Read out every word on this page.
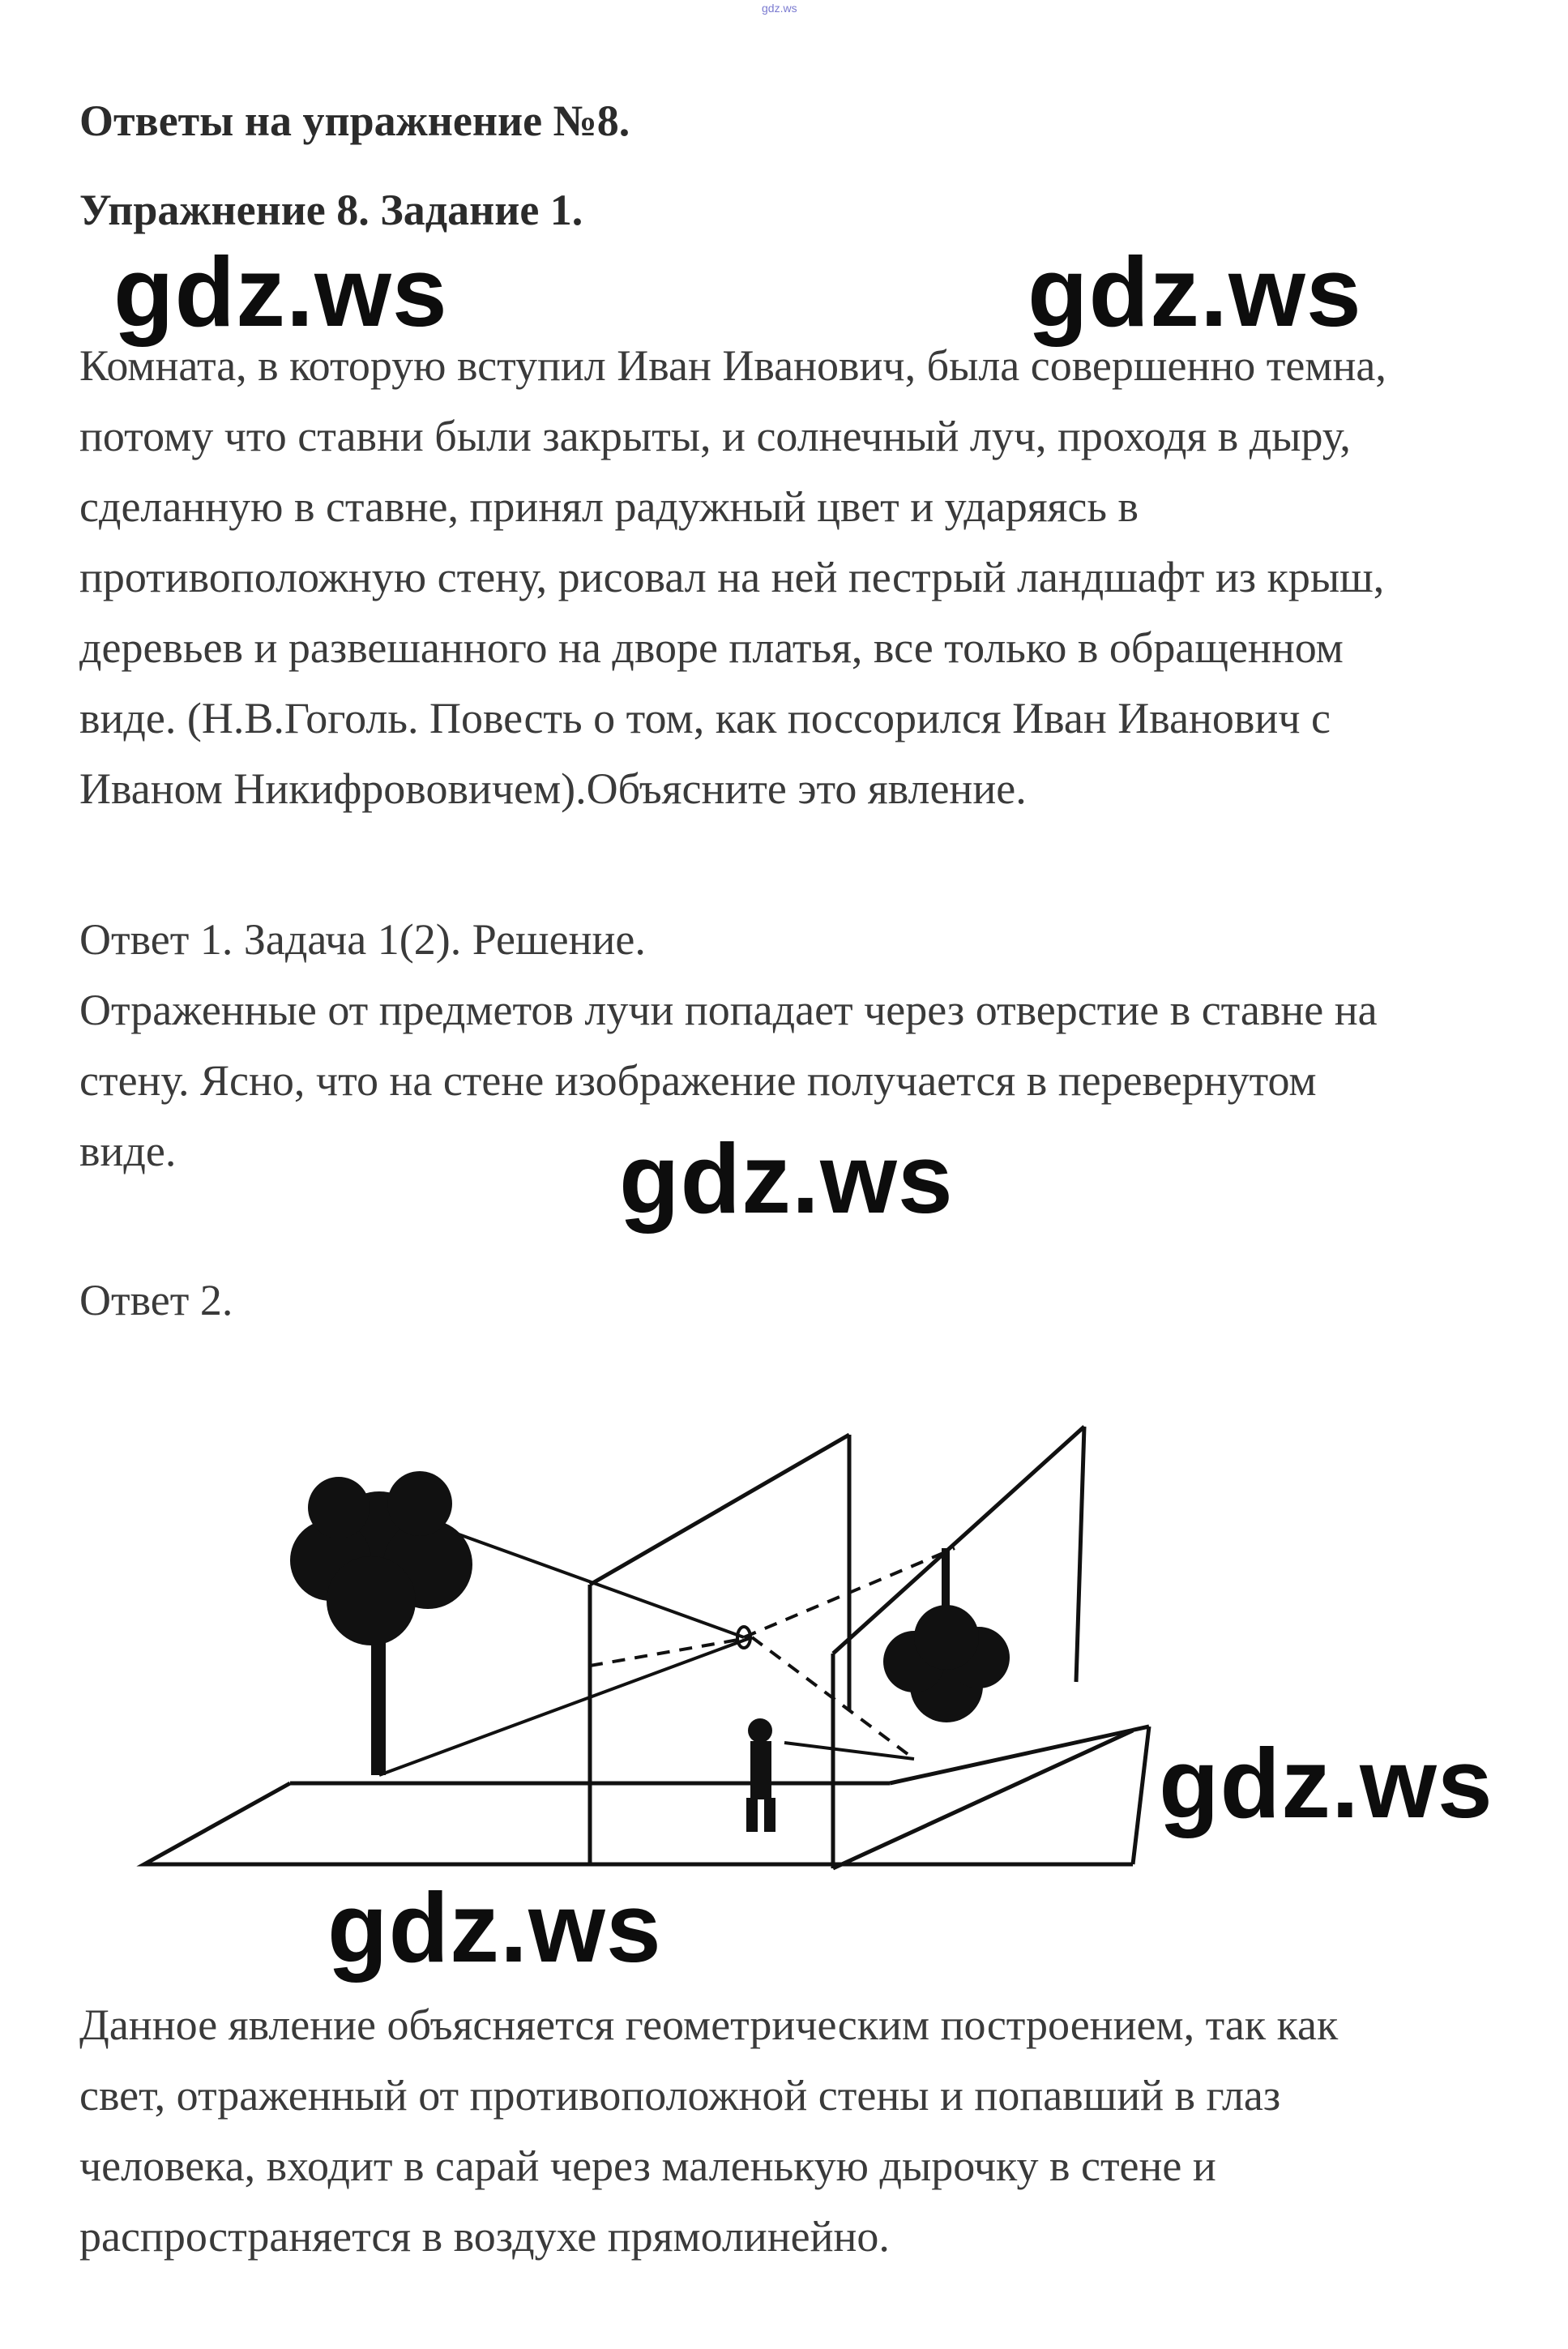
gdz.ws
Ответы на упражнение №8.
Упражнение 8. Задание 1.
gdz.ws	gdz.ws
Комната, в которую вступил Иван Иванович, была совершенно темна,
потому что ставни были закрыты, и солнечный луч, проходя в дыру,
сделанную в ставне, принял радужный цвет и ударяясь в
противоположную стену, рисовал на ней пестрый ландшафт из крыш,
деревьев и развешанного на дворе платья, все только в обращенном
виде. (Н.В.Гоголь. Повесть о том, как поссорился Иван Иванович с
Иваном Никифрововичем).Объясните это явление.
Ответ 1. Задача 1(2). Решение.
Отраженные от предметов лучи попадает через отверстие в ставне на
стену. Ясно, что на стене изображение получается в перевернутом
виде.	gdz.ws
Ответ 2.
gdz.ws
gdz.ws
Данное явление объясняется геометрическим построением, так как
свет, отраженный от противоположной стены и попавший в глаз
человека, входит в сарай через маленькую дырочку в стене и
распространяется в воздухе прямолинейно.
